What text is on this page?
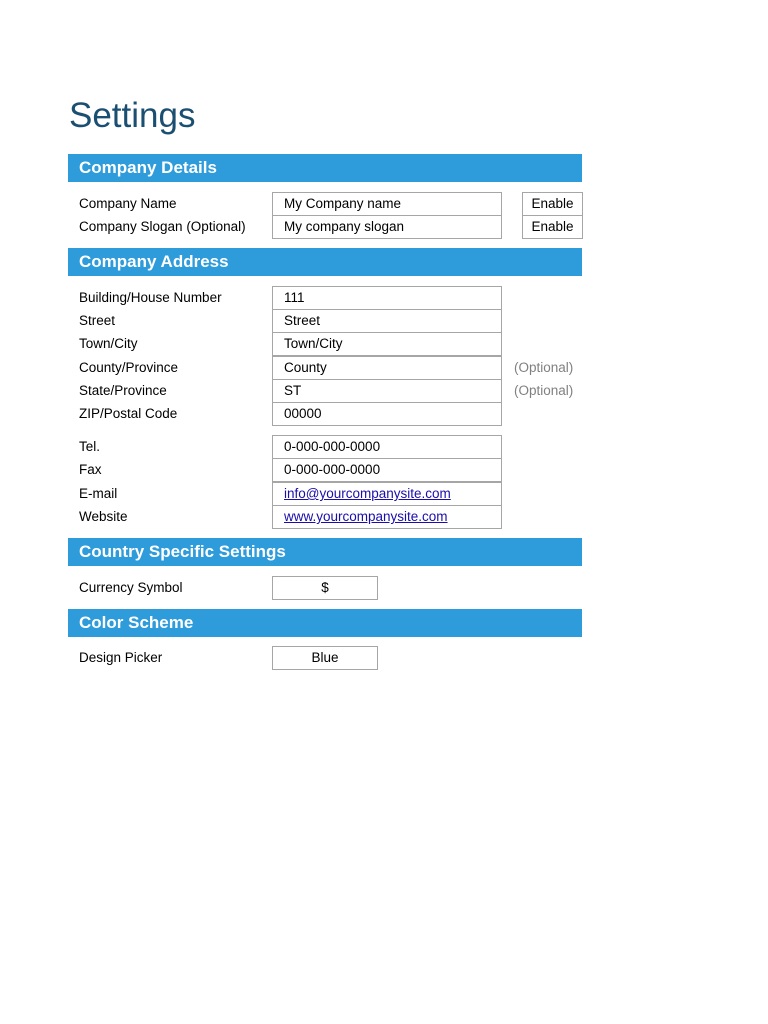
Settings
Company Details
Company Name	My Company name	Enable
Company Slogan (Optional)	My company slogan	Enable
Company Address
Building/House Number	111
Street	Street
Town/City	Town/City
County/Province	County	(Optional)
State/Province	ST	(Optional)
ZIP/Postal Code	00000
Tel.	0-000-000-0000
Fax	0-000-000-0000
E-mail	info@yourcompanysite.com
Website	www.yourcompanysite.com
Country Specific Settings
Currency Symbol	$
Color Scheme
Design Picker	Blue
